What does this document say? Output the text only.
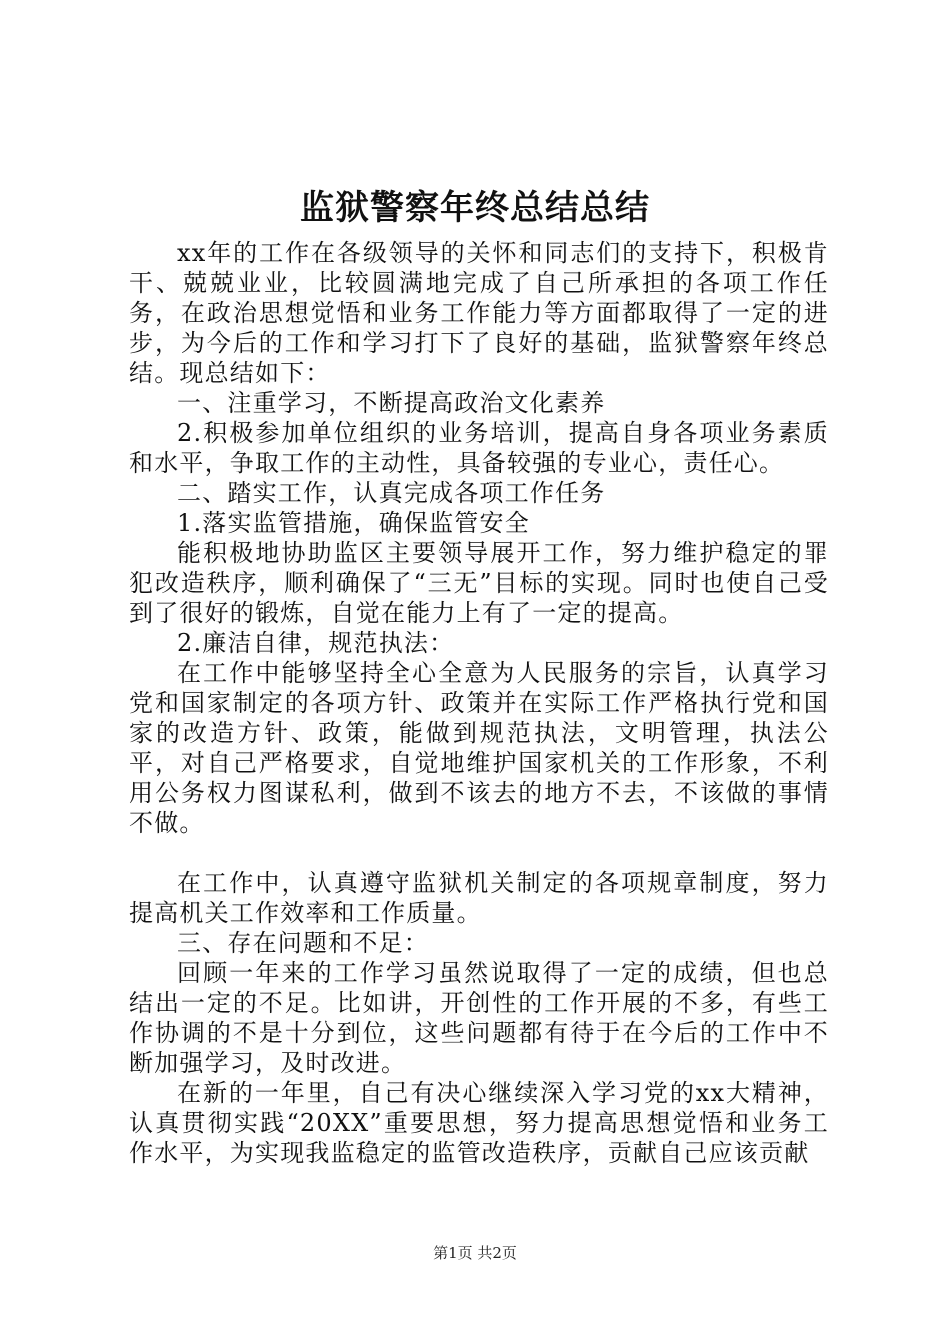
监狱警察年终总结总结

xx年的工作在各级领导的关怀和同志们的支持下，积极肯干、兢兢业业，比较圆满地完成了自己所承担的各项工作任务，在政治思想觉悟和业务工作能力等方面都取得了一定的进步，为今后的工作和学习打下了良好的基础，监狱警察年终总结。现总结如下：

一、注重学习，不断提高政治文化素养

2.积极参加单位组织的业务培训，提高自身各项业务素质和水平，争取工作的主动性，具备较强的专业心，责任心。

二、踏实工作，认真完成各项工作任务

1.落实监管措施，确保监管安全

能积极地协助监区主要领导展开工作，努力维护稳定的罪犯改造秩序，顺利确保了“三无”目标的实现。同时也使自己受到了很好的锻炼，自觉在能力上有了一定的提高。

2.廉洁自律，规范执法：

在工作中能够坚持全心全意为人民服务的宗旨，认真学习党和国家制定的各项方针、政策并在实际工作严格执行党和国家的改造方针、政策，能做到规范执法，文明管理，执法公平，对自己严格要求，自觉地维护国家机关的工作形象，不利用公务权力图谋私利，做到不该去的地方不去，不该做的事情不做。

在工作中，认真遵守监狱机关制定的各项规章制度，努力提高机关工作效率和工作质量。

三、存在问题和不足：

回顾一年来的工作学习虽然说取得了一定的成绩，但也总结出一定的不足。比如讲，开创性的工作开展的不多，有些工作协调的不是十分到位，这些问题都有待于在今后的工作中不断加强学习，及时改进。

在新的一年里，自己有决心继续深入学习党的xx大精神，认真贯彻实践“20XX”重要思想，努力提高思想觉悟和业务工作水平，为实现我监稳定的监管改造秩序，贡献自己应该贡献

第1页 共2页
